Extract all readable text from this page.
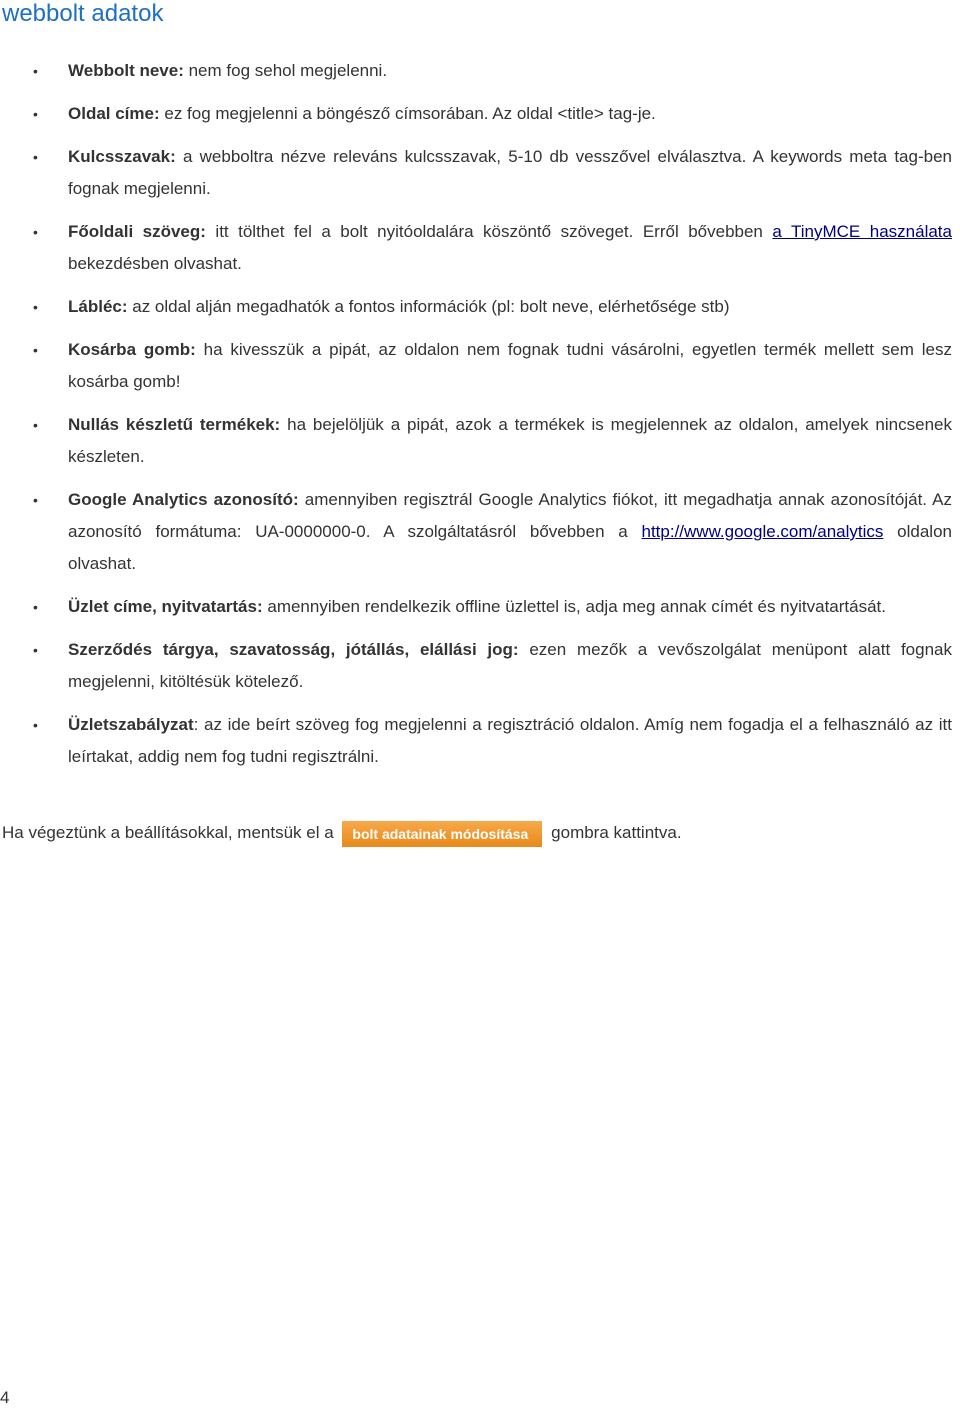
webbolt adatok
• Webbolt neve: nem fog sehol megjelenni.
• Oldal címe: ez fog megjelenni a böngésző címsorában. Az oldal <title> tag-je.
• Kulcsszavak: a webboltra nézve releváns kulcsszavak, 5-10 db vesszővel elválasztva. A keywords meta tag-ben fognak megjelenni.
• Főoldali szöveg: itt tölthet fel a bolt nyitóoldalára köszöntő szöveget. Erről bővebben a TinyMCE használata bekezdésben olvashat.
• Lábléc: az oldal alján megadhatók a fontos információk (pl: bolt neve, elérhetősége stb)
• Kosárba gomb: ha kivesszük a pipát, az oldalon nem fognak tudni vásárolni, egyetlen termék mellett sem lesz kosárba gomb!
• Nullás készletű termékek: ha bejelöljük a pipát, azok a termékek is megjelennek az oldalon, amelyek nincsenek készleten.
• Google Analytics azonosító: amennyiben regisztrál Google Analytics fiókot, itt megadhatja annak azonosítóját. Az azonosító formátuma: UA-0000000-0. A szolgáltatásról bővebben a http://www.google.com/analytics oldalon olvashat.
• Üzlet címe, nyitvatartás: amennyiben rendelkezik offline üzlettel is, adja meg annak címét és nyitvatartását.
• Szerződés tárgya, szavatosság, jótállás, elállási jog: ezen mezők a vevőszolgálat menüpont alatt fognak megjelenni, kitöltésük kötelező.
• Üzletszabályzat: az ide beírt szöveg fog megjelenni a regisztráció oldalon. Amíg nem fogadja el a felhasználó az itt leírtakat, addig nem fog tudni regisztrálni.
Ha végeztünk a beállításokkal, mentsük el a bolt adatainak módosítása gombra kattintva.
4
